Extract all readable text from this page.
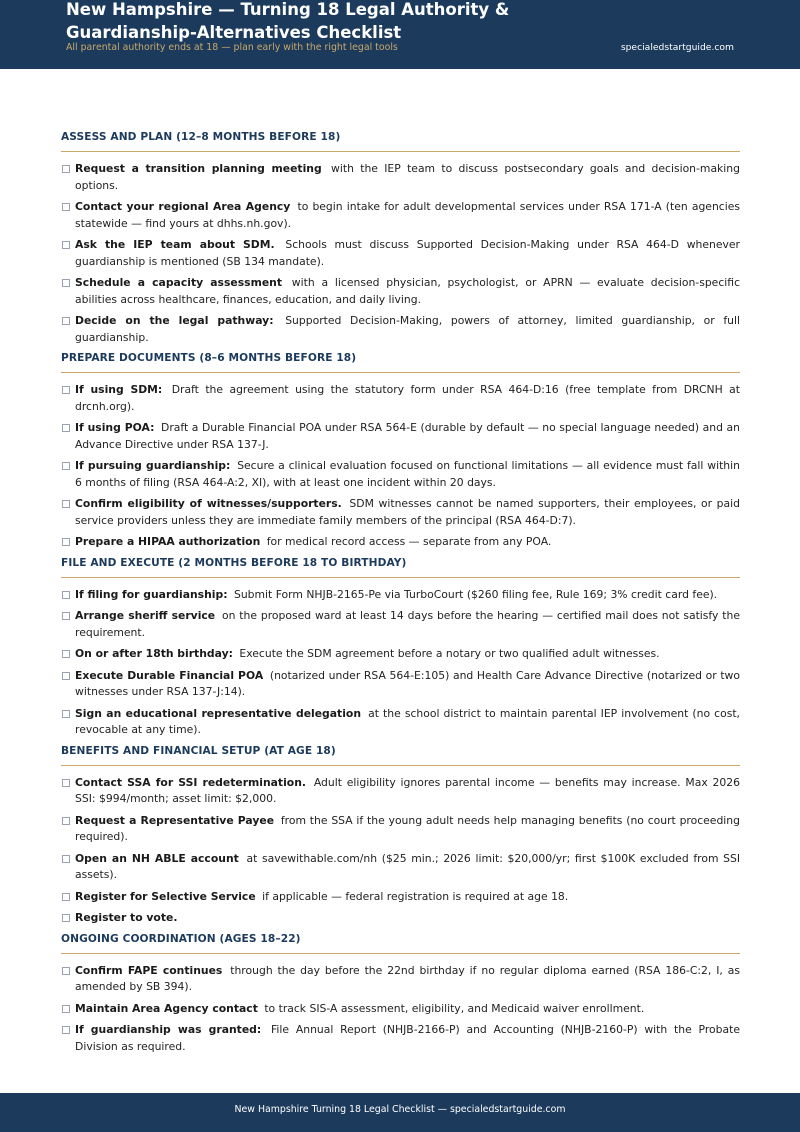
New Hampshire — Turning 18 Legal Authority & Guardianship-Alternatives Checklist
All parental authority ends at 18 — plan early with the right legal tools	specialedstartguide.com
ASSESS AND PLAN (12–8 MONTHS BEFORE 18)
Request a transition planning meeting with the IEP team to discuss postsecondary goals and decision-making options.
Contact your regional Area Agency to begin intake for adult developmental services under RSA 171-A (ten agencies statewide — find yours at dhhs.nh.gov).
Ask the IEP team about SDM. Schools must discuss Supported Decision-Making under RSA 464-D whenever guardianship is mentioned (SB 134 mandate).
Schedule a capacity assessment with a licensed physician, psychologist, or APRN — evaluate decision-specific abilities across healthcare, finances, education, and daily living.
Decide on the legal pathway: Supported Decision-Making, powers of attorney, limited guardianship, or full guardianship.
PREPARE DOCUMENTS (8–6 MONTHS BEFORE 18)
If using SDM: Draft the agreement using the statutory form under RSA 464-D:16 (free template from DRCNH at drcnh.org).
If using POA: Draft a Durable Financial POA under RSA 564-E (durable by default — no special language needed) and an Advance Directive under RSA 137-J.
If pursuing guardianship: Secure a clinical evaluation focused on functional limitations — all evidence must fall within 6 months of filing (RSA 464-A:2, XI), with at least one incident within 20 days.
Confirm eligibility of witnesses/supporters. SDM witnesses cannot be named supporters, their employees, or paid service providers unless they are immediate family members of the principal (RSA 464-D:7).
Prepare a HIPAA authorization for medical record access — separate from any POA.
FILE AND EXECUTE (2 MONTHS BEFORE 18 TO BIRTHDAY)
If filing for guardianship: Submit Form NHJB-2165-Pe via TurboCourt ($260 filing fee, Rule 169; 3% credit card fee).
Arrange sheriff service on the proposed ward at least 14 days before the hearing — certified mail does not satisfy the requirement.
On or after 18th birthday: Execute the SDM agreement before a notary or two qualified adult witnesses.
Execute Durable Financial POA (notarized under RSA 564-E:105) and Health Care Advance Directive (notarized or two witnesses under RSA 137-J:14).
Sign an educational representative delegation at the school district to maintain parental IEP involvement (no cost, revocable at any time).
BENEFITS AND FINANCIAL SETUP (AT AGE 18)
Contact SSA for SSI redetermination. Adult eligibility ignores parental income — benefits may increase. Max 2026 SSI: $994/month; asset limit: $2,000.
Request a Representative Payee from the SSA if the young adult needs help managing benefits (no court proceeding required).
Open an NH ABLE account at savewithable.com/nh ($25 min.; 2026 limit: $20,000/yr; first $100K excluded from SSI assets).
Register for Selective Service if applicable — federal registration is required at age 18.
Register to vote.
ONGOING COORDINATION (AGES 18–22)
Confirm FAPE continues through the day before the 22nd birthday if no regular diploma earned (RSA 186-C:2, I, as amended by SB 394).
Maintain Area Agency contact to track SIS-A assessment, eligibility, and Medicaid waiver enrollment.
If guardianship was granted: File Annual Report (NHJB-2166-P) and Accounting (NHJB-2160-P) with the Probate Division as required.
New Hampshire Turning 18 Legal Checklist — specialedstartguide.com
